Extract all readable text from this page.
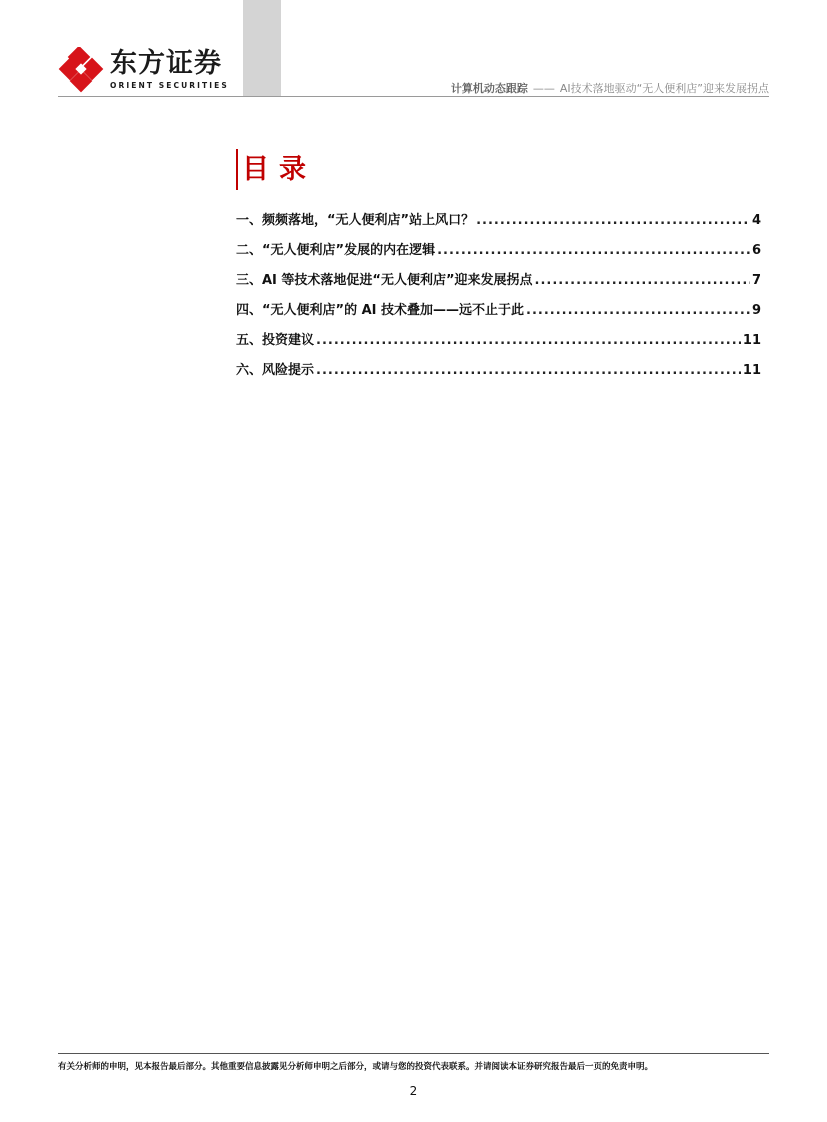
东方证券
ORIENT SECURITIES	计算机动态跟踪 —— AI技术落地驱动“无人便利店”迎来发展拐点
目录
一、频频落地，“无人便利店”站上风口？ .....	4
二、“无人便利店”发展的内在逻辑 .....	6
三、AI 等技术落地促进“无人便利店”迎来发展拐点 .....	7
四、“无人便利店”的 AI 技术叠加——远不止于此 .....	9
五、投资建议 .....	11
六、风险提示 .....	11
有关分析师的申明，见本报告最后部分。其他重要信息披露见分析师申明之后部分，或请与您的投资代表联系。并请阅读本证券研究报告最后一页的免责申明。
2
